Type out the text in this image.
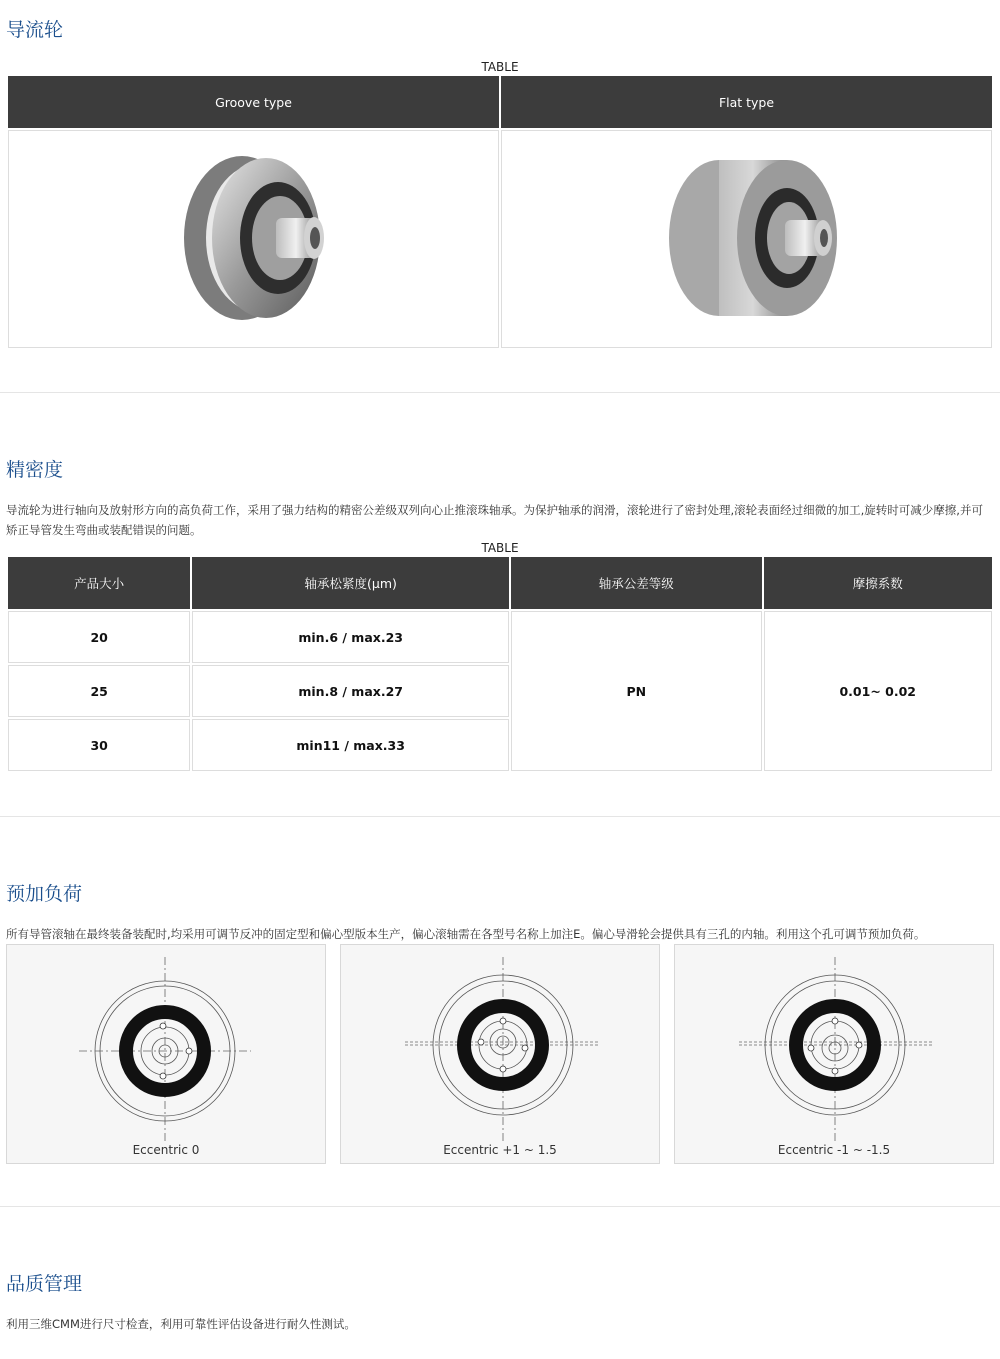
导流轮
TABLE
Groove type	Flat type

精密度

导流轮为进行轴向及放射形方向的高负荷工作，采用了强力结构的精密公差级双列向心止推滚珠轴承。为保护轴承的润滑，滚轮进行了密封处理,滚轮表面经过细微的加工,旋转时可减少摩擦,并可矫正导管发生弯曲或装配错误的问题。

TABLE
产品大小	轴承松紧度(μm)	轴承公差等级	摩擦系数
20	min.6 / max.23	PN	0.01~ 0.02
25	min.8 / max.27		
30	min11 / max.33		
预加负荷

所有导管滚轴在最终装备装配时,均采用可调节反冲的固定型和偏心型版本生产，偏心滚轴需在各型号名称上加注E。偏心导滑轮会提供具有三孔的内轴。利用这个孔可调节预加负荷。

Eccentric 0	Eccentric +1 ~ 1.5	Eccentric -1 ~ -1.5
品质管理

利用三维CMM进行尺寸检查，利用可靠性评估设备进行耐久性测试。
